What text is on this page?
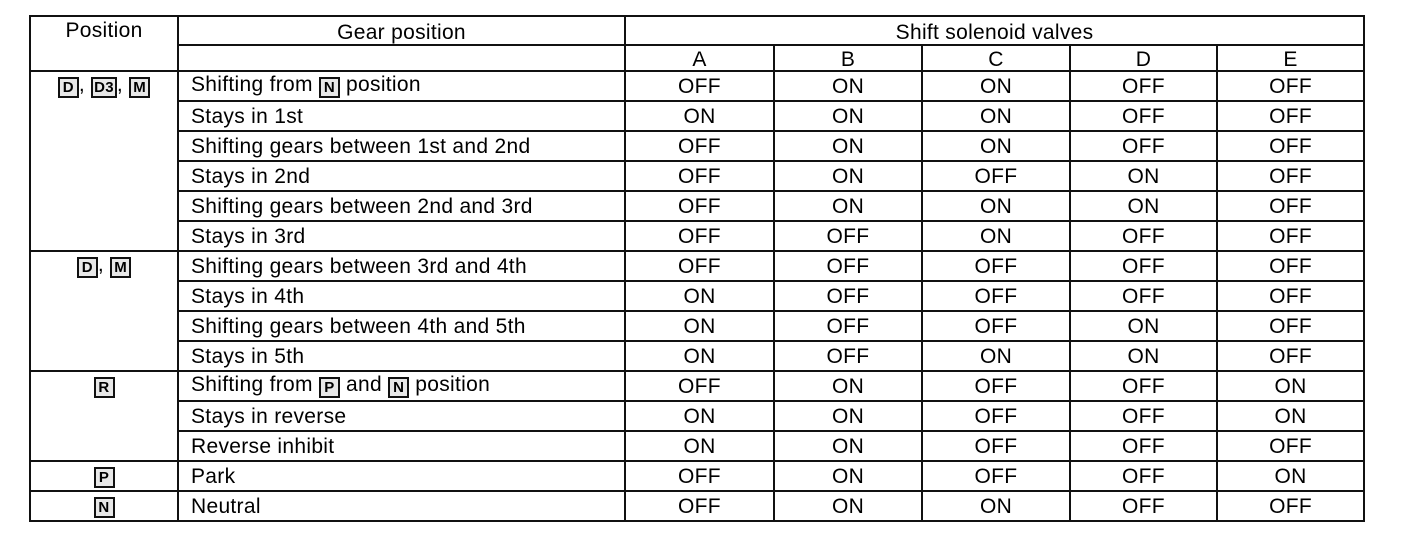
Position	Gear position	Shift solenoid valves				
		A	B	C	D	E
D , D3 , M	Shifting from N position	OFF	ON	ON	OFF	OFF
	Stays in 1st	ON	ON	ON	OFF	OFF
	Shifting gears between 1st and 2nd	OFF	ON	ON	OFF	OFF
	Stays in 2nd	OFF	ON	OFF	ON	OFF
	Shifting gears between 2nd and 3rd	OFF	ON	ON	ON	OFF
	Stays in 3rd	OFF	OFF	ON	OFF	OFF
D , M	Shifting gears between 3rd and 4th	OFF	OFF	OFF	OFF	OFF
	Stays in 4th	ON	OFF	OFF	OFF	OFF
	Shifting gears between 4th and 5th	ON	OFF	OFF	ON	OFF
	Stays in 5th	ON	OFF	ON	ON	OFF
R	Shifting from P and N position	OFF	ON	OFF	OFF	ON
	Stays in reverse	ON	ON	OFF	OFF	ON
	Reverse inhibit	ON	ON	OFF	OFF	OFF
P	Park	OFF	ON	OFF	OFF	ON
N	Neutral	OFF	ON	ON	OFF	OFF
